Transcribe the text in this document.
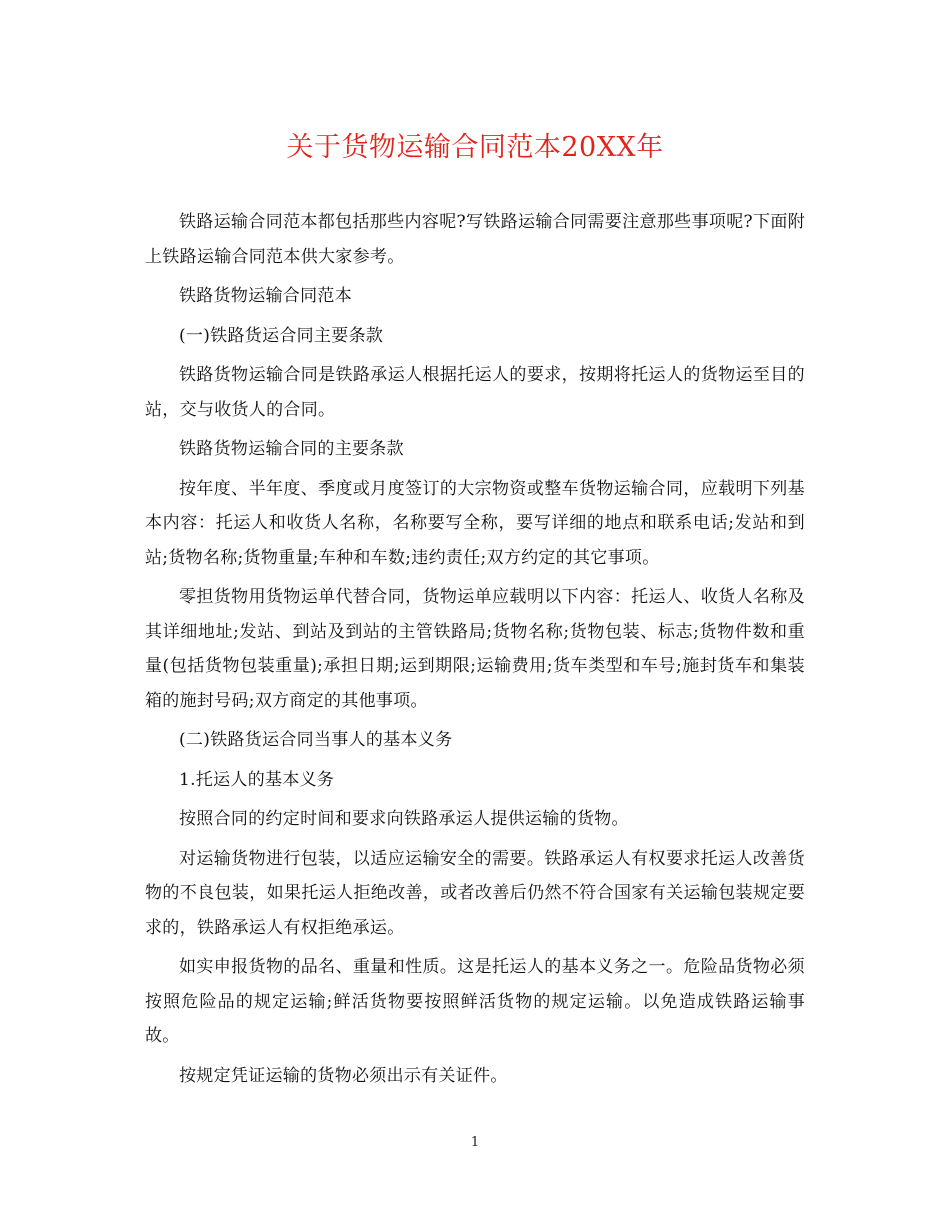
关于货物运输合同范本20XX年

铁路运输合同范本都包括那些内容呢?写铁路运输合同需要注意那些事项呢?下面附上铁路运输合同范本供大家参考。

铁路货物运输合同范本

(一)铁路货运合同主要条款

铁路货物运输合同是铁路承运人根据托运人的要求，按期将托运人的货物运至目的站，交与收货人的合同。

铁路货物运输合同的主要条款

按年度、半年度、季度或月度签订的大宗物资或整车货物运输合同，应载明下列基本内容：托运人和收货人名称，名称要写全称，要写详细的地点和联系电话;发站和到站;货物名称;货物重量;车种和车数;违约责任;双方约定的其它事项。

零担货物用货物运单代替合同，货物运单应载明以下内容：托运人、收货人名称及其详细地址;发站、到站及到站的主管铁路局;货物名称;货物包装、标志;货物件数和重量(包括货物包装重量);承担日期;运到期限;运输费用;货车类型和车号;施封货车和集装箱的施封号码;双方商定的其他事项。

(二)铁路货运合同当事人的基本义务

1.托运人的基本义务

按照合同的约定时间和要求向铁路承运人提供运输的货物。

对运输货物进行包装，以适应运输安全的需要。铁路承运人有权要求托运人改善货物的不良包装，如果托运人拒绝改善，或者改善后仍然不符合国家有关运输包装规定要求的，铁路承运人有权拒绝承运。

如实申报货物的品名、重量和性质。这是托运人的基本义务之一。危险品货物必须按照危险品的规定运输;鲜活货物要按照鲜活货物的规定运输。以免造成铁路运输事故。

按规定凭证运输的货物必须出示有关证件。

1
